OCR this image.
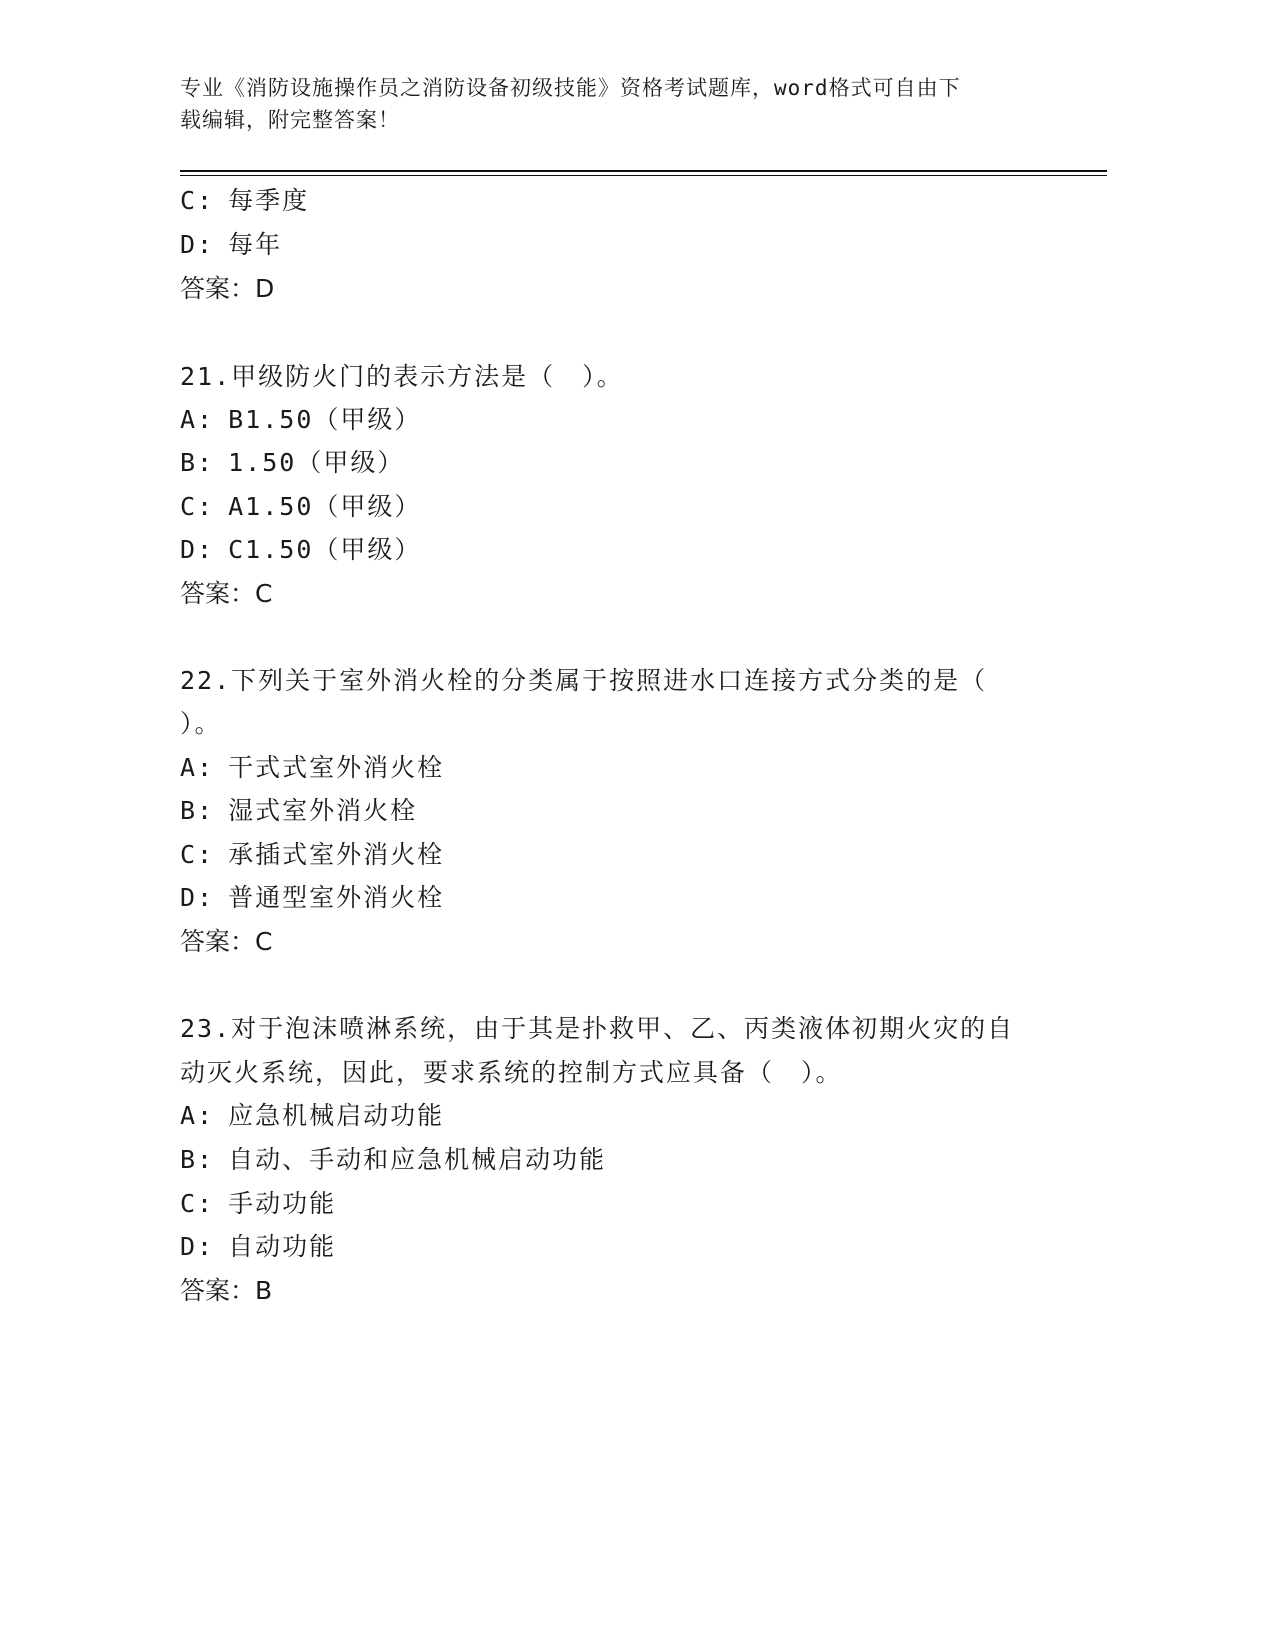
专业《消防设施操作员之消防设备初级技能》资格考试题库，word格式可自由下
载编辑，附完整答案！
C: 每季度
D: 每年
答案：D
21.甲级防火门的表示方法是（　）。
A: B1.50（甲级）
B: 1.50（甲级）
C: A1.50（甲级）
D: C1.50（甲级）
答案：C
22.下列关于室外消火栓的分类属于按照进水口连接方式分类的是（
）。
A: 干式式室外消火栓
B: 湿式室外消火栓
C: 承插式室外消火栓
D: 普通型室外消火栓
答案：C
23.对于泡沫喷淋系统，由于其是扑救甲、乙、丙类液体初期火灾的自
动灭火系统，因此，要求系统的控制方式应具备（　）。
A: 应急机械启动功能
B: 自动、手动和应急机械启动功能
C: 手动功能
D: 自动功能
答案：B
